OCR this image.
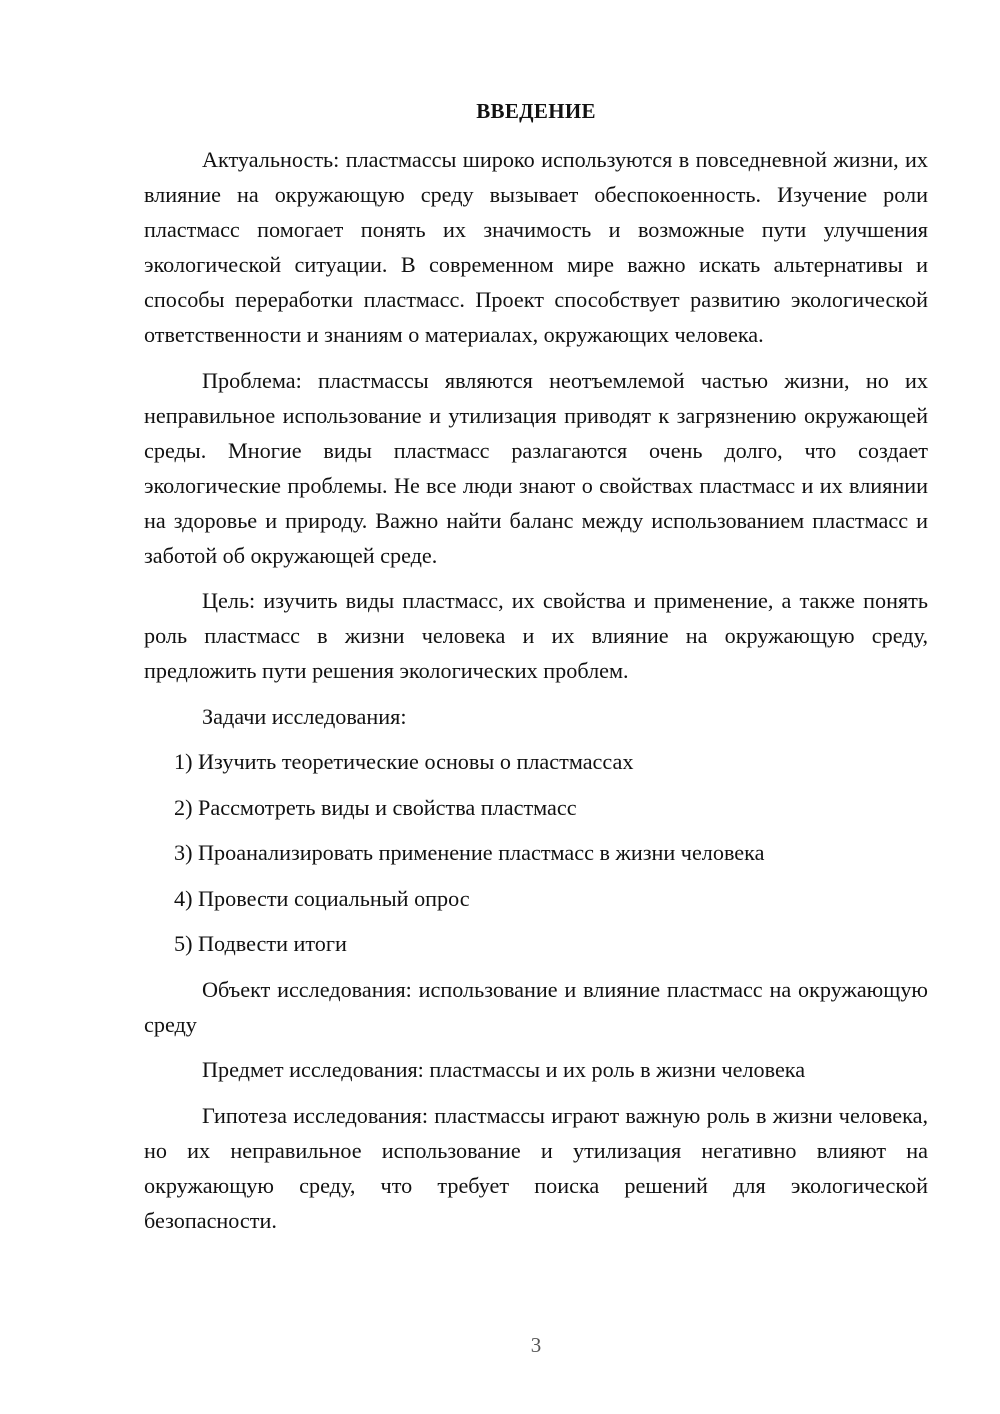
ВВЕДЕНИЕ

Актуальность: пластмассы широко используются в повседневной жизни, их влияние на окружающую среду вызывает обеспокоенность. Изучение роли пластмасс помогает понять их значимость и возможные пути улучшения экологической ситуации. В современном мире важно искать альтернативы и способы переработки пластмасс. Проект способствует развитию экологической ответственности и знаниям о материалах, окружающих человека.

Проблема: пластмассы являются неотъемлемой частью жизни, но их неправильное использование и утилизация приводят к загрязнению окружающей среды. Многие виды пластмасс разлагаются очень долго, что создает экологические проблемы. Не все люди знают о свойствах пластмасс и их влиянии на здоровье и природу. Важно найти баланс между использованием пластмасс и заботой об окружающей среде.

Цель: изучить виды пластмасс, их свойства и применение, а также понять роль пластмасс в жизни человека и их влияние на окружающую среду, предложить пути решения экологических проблем.

Задачи исследования:

1) Изучить теоретические основы о пластмассах

2) Рассмотреть виды и свойства пластмасс

3) Проанализировать применение пластмасс в жизни человека

4) Провести социальный опрос

5) Подвести итоги

Объект исследования: использование и влияние пластмасс на окружающую среду

Предмет исследования: пластмассы и их роль в жизни человека

Гипотеза исследования: пластмассы играют важную роль в жизни человека, но их неправильное использование и утилизация негативно влияют на окружающую среду, что требует поиска решений для экологической безопасности.

3
